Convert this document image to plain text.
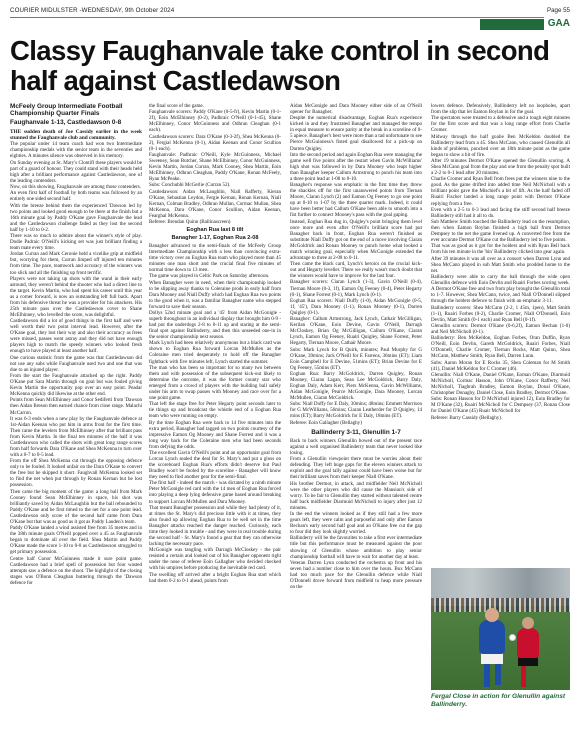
COURIER MIDULSTER -WEDNESDAY, 9th October 2024	Page 55
GAA
Classy Faughanvale take control in second half against Castledawson
McFeely Group Intermediate Football Championship Quarter Finals
Faughanvale 1-13, Castledawson 0-8

THE sudden death of Joe Cassidy earlier in the week stunned the Faughanvale club and community.

The popular under 14 team coach had won two Intermediate championship medals with the senior team in the seventies and eighties. A minutes silence was observed in his memory.

On Sunday evening at St. Mary's Clontifl these players would be part of a guard of honour. They could stand with their heads held high after a brilliant performance against Castledawson, one of the leading contenders.

Now, on this showing, Faughanvale are among those contenders.

An even first half of football by both teams was followed by an entirely one sided second half.

With the breeze behind them the experienced 'Dawson led by two points and looked good enough to be there at the finish but a 16th minute goal by Paddy O'Kane gave Faughanvale the lead and the Castledawson challenge faded as they lost the second half by 1-10 to 0-2.

There was so much to admire about the winner's style of play. Dodie Padraic O'Neill's kicking set was just brilliant finding a team mate every time.

Jordan Curran and Mark Ceronie held a vicelike grip at midfield but, worrying for them, Curran limped off injured ten minutes from time. The pace, teamwork and accuracy of the winners was too slick and all the finishing up front terrific.

Players were not taking up shots with the wand in their early astound, they weren't behind the shooter who had a direct line to the target. Kevin Martin, who had spent his career until this year as a corner forward, is now an outstanding left full back. Apart from his defensive threat he was a provider for his attackers. His 25th minute pass over the Castledawson cover to Shane McElhinney, who levelled the score, was delightful.

Castledawson did a lot of good things in the first half and were well worth their two point interval lead. However, after the O'Kane goal, they lost their way and also their accuracy as frees were missed, passes went astray and they did not have enough players high to match the speedy winners who looked fresh enough to have played at least another half.

One curious statistic from the game was that Castledawson did not use any subs while Faughanvale used two and one that was due to an injured player.

From the start the Faughanvale attacked up the right. Paddy O'Kane put Sara Martin through on goal but was fouled giving Kevin Martin the opportunity pop over an easy point. Peadar McKenna quickly did likewise at the other end.

Points from Sean McElhinney and Conor Sediferti from 'Dawson then Aidan Breson then earned chance from close range. Malachi McCarron.

It was 6-3 ends when a new play by the Faughanvale defence at 1st-Aidan Keenan who put him in arms front for the first time. Then came the levelers from McElhinney after that brilliant pass from Kevin Martin. In the final ten minutes of the half it was Castledawson who called the shots with great long range scores from half forwards Dara O'Kane and Shea McKenna to turn over with a 0-7 to 0-5 lead.

From the off Shea McKenna cut through the opposing defence only to be fouled. It looked unfair on the Dara O'Kane to convert the free but he skipped it short. Faughvall McKenna looked set to find the net when put through by Ronan Kernan but he lost possession.

Then came the big moment of the game: a long ball from Mark Cooney found Sean McElhinney in space, his shot was brilliantly saved by Aidan McLaughlin but the ball rebounded to Paddy O'Kane and he first timed to the net for a one point lead. Castledawson only score of the second half came from Dara O'Kane but that was as good as it got as Paddy Lauden's team.

Paddy O'Kane landed a wind assisted free from 35 metres and in the 38th minute goals O'Neill popped over a 45 as Faughanvale began to dominate all over the field. Shea Martin and Paddy O'Kane made the score 1-10 to 0-8 as Castledawson struggled to get primary possession.

Centre half Conor McGuinness made it sure point game. Castledawson had a brief spell of possession but four wasted attempts saw a defence on the shoot. The highlight of the closing stages was O'Bonn Cleaghan buttering through the 'Dawson defence for

the final score of the game.

Faughanvale scorers: Paddy O'Kane (0-5-fr), Kevin Martin (0-1-2f), Eoin McElhinney (0-2), Padhraic O'Neill (0-1-45), Shane McElhinney, Conor McGuinness and Odhran Cleaghan (0-1 each).

Castledawson scorers: Dara O'Kane (0-3-2f), Shea McKenna (0-2), Fergial McKenna (0-1), Aidan Keenan and Conor Scullion (0-1 each).

Faughanvale: Padhraic O'Neill, Kyle McGuinness, Michael Sweeney, Sean Butcher, Shane McElhinney, Conor McGuinness, Kevin Martin, Jordan Curran, Mark Cooney, Shea Martin, Eoin McElhinney, Odhran Cleaghan, Paddy O'Kane, Ronan McFeely, Ryan McPeake.

Subs: Conchubhi McGerlie (Curran 52).

Castledawson: Aidan McLaughlin, Niall Rafferty, Kieran O'Kane, Sebastian Leydon, Fergie Kernan, Ronan Kernan, Niall Kernan, Colman Bradley, Odhran Mullan, Cormac Mullan, Shea McKenna, Dara O'Kane, Conor Scullion, Aidan Keenan, Fearghal McKenna.

Referee: Brendan Quinn (Ballinascreen)

Eoghan Rua last 8 tilt
Banagher 1-17, Eoghan Rua 2-08

Banagher advanced to the semi-finals of the McFeely Group Intermediate Championship with a less than convincing extra-time victory over an Eoghan Rua team who played more than 45 minutes one man short and the crucial final five minutes of normal time down to 13 men.

The game was played in Celtic Park on Saturday afternoon.

When Banagher were in need, when their championship looked to be slipping away thanks to Coleraine prods in early half from Dara Mooney and Niall Duffy which had Eoghan Rua two points to the good when it, was a familiar Banagher name who stepped forward to save their season.

Dollys 52nd minute goal and a '45' from Aidan McGonigle - superb throughout in an individual display that brought him 0-9 - had put the underdogs 2-8 to 0-11 up and staring at the semi-final spot against Ballinderry, and then this unseeded one-in in the senior championship next season.

Mark Lynch had been relatively anonymous but a black card was shown to Eoghan Rua forward Lorcan McMullen as the Coleraine men tried desperately to hold off the Banagher fightback with five minutes left, Lynch started the summer.

The man who has been so important for so many two between them and with possession of the subsequent kick-out likely to determine the outcome, it was the former county star who emerged from a crowd of players with the building ball safely under his arm to swap passes with Mooney and race over for a one point game.

That left the stage free for Peter Hegarty point seconds later to tie things up and broadcast the whistle end of a Eoghan Rua team who were running on empty.

By the time Eoghan Rua were back to 14 five minutes into the extra period, Banagher had tagged on two points courtesy of the impressive Eamon Og Mooney and Shane Forrest and it was a long way back for the Coleraine men who had been seconds from defying the odds.

The excellent Gavin O'Neill's point and an opportunist goal from Lorcan Lynch sealed the deal for St. Mary's and put a gloss on the scoreboard Eoghan Rua's efforts didn't deserve but Paul Bradley won't be fooled by the scoreline - Banagher will know they need to find another gear for the semi-final.

The first half - indeed the match - was dictated by a ninth minute Peter McGonigle red card with the 14 men of Eoghan Rua forced into playing a deep lying defensive game based around breaking to support Lorcan McMullen and Dara Mooney.

That meant Banagher possession and while they had plenty of it, at times the St. Mary's did precious little with it at times, they also found up allowing Eoghan Rua to be well set in the time Banagher attacks reached the danger reached. Curiously, each time they looked in trouble - and they were in real trouble during the second half - St. Mary's found a gear that they can otherwise lacking the necessary pace.

McGonigle was tangling with Darragh McCloskey - the pair resisted a certain and looked out of his Banagher opponent right under the nose of referee Eoin Gallagher who decided checked with his umpires before producing the inevitable red card.

The swelling off arrived after a bright Eoghan Rua start which had them 0-2 to 0-1 ahead, points from

Aidan McGonigle and Dara Mooney either side of an O'Neill opener for Banagher.

Despite the numerical disadvantage, Eoghan Rua's experience kicked in and they frustrated Banagher and managed the tempo in equal measure to ensure parity at the break in a scoreline of 0-5 apiece. Banagher's best were more than a tad unfortunate to see Pierce McGuinness's fisted goal disallowed for a pick-up on Darren Quigley.

Into the second period and again Eoghan Rua were managing the game well five points after the restart when Gavin McWilliams' high shot was followed in by Dara Mooney who leapt higher than Banagher keeper Callum Armstrong to punch his team into a three point lead at 1-08 to 0-10.

Banagher's response was emphatic in the first time they threw the shackles off for the first unanswered points from Tiernan Moore, Ciaran Lynch (2) and Eamon Og Feeney to go one point up at 0-10 to 1-07 by the three quarter mark. Indeed, it could have been better had Callum O'Kane been able to smooth into a fist further to connect Mooney's pass with the goal gaping.

Instead, Eoghan Rua dug in, Quigley's point bringing them level once more and even after O'Neill's brilliant score had put Banagher back in front, Eoghan Rua weren't finished as substitute Niall Duffy got on the end of a move involving Ciaran McGoldrick and Ronan Mooney to punch home what looked a match winning goal, especially when McGonigle extended the advantage to three at 2-08 to 0-11.

Then came the black card, Lynch's heroics on the crucial kick-out and Hegarty leveller. There we really wasn't much doubt that the winners would have to improve for the last four.

Banagher scorers: Ciaran Lynch (1-3), Gavin O'Neill (0-4), Tiernan Moore (0-3, 1f), Eamon Og Feeney (0-4), Peter Hegarty (0-1), Shane Forrest (0-1), Mark Lynch (0-1).

Eoghan Rua scorers: Niall Duffy (1-0), Aidan McGonigle (0-5, 1f, '45'), Dara Mooney (1-1), Ronan Mooney (0-1), Darren Quigley (0-1).

Banagher: Callum Armstrong, Jack Lynch, Cathair McGilligan, Kerilan O'Kane, Eoin Devine, Gavin O'Neill, Darragh McCloskey, Brian Og McGilligan, Callum O'Kane, Ciaran Lynch, Eamon Og Feeney, Ruairi Quigley, Shane Forrest, Peter Hegarty, Tiernan Moore, Cathair Moore.

Subs: Mark Lynch for B Quirk, minutes; Paul Murphy for G O'Kane, 39mins; Jack O'Neill for E Farrens, 36mins (ET); Liam Eoin Campbell for E Devine, 51mins (ET); Brian Devine for E Og Feeney, 55mins (ET).

Eoghan Rua: Barry McGoldrick, Darren Quigley, Ronan Mooney, Ciaran Lagan, Sean Lee McGoldrick, Barry Daly, Eoghan Daly, Adam Kerr, Piers McKenna, Gavin McWilliams, Aidan McGonigle, Pearce McGonigle, Dara Mooney, Lorcan McMullen, Ciaran McGoldrick.

Subs: Niall Duffy for E Daly, 30mins; 48mins; Emmett Morrison for G McWilliams, 56mins; Ciaran Leatherder for D Quigley, 14 mins (ET); Barry McGoldrick for E Daly, 18mins (ET).

Referee: Eoin Gallagher (Bellaghy)

Ballinderry 3-11, Glenullin 1-7

Back to back winners Glenullin bowed out of the present race against a well organised Ballinderry team that never looked like losing.

From a Glenullin viewpoint there must be worries about their defending. They left huge gaps for the eleven winners attack to exploit and the goal tally against could have been worse but for their brilliant saves from their keeper Niall O'Kane.

His brother Dermot, in attack, and midfielder Neil McNicholl were the other players who did cause the Mansion's side of worry. To be fair to Glenullin they started without talented centre half back midfielder Diarmuid McNicholl to injury after just 12 minutes.

In the end the winners looked as if they still had a few more gears left, they were calm and purposeful and only after Eamon Bechan's early second half goal and an O'Kane free cut the gap to four did they look slightly worried.

Ballinderry will be the favourites to take a first ever intermediate title but this performance must be measured against the poor showing of Glenullin whose ambition to play senior championship football will have to wait for another day at least.

Veteran Darren Lynn conducted the orchestra up front and his seven had a number close to him over the hours. Box McCann had too much pace for the Glenullin defence while Niall O'Donnell drove forward from midfield to heap more pressure on the

lowers defence. Defensively, Ballinderry left no loopholes, apart from the slip that let Eamon Boylan in for the goal.

The spectators were treated to a defensive and a tough eight minutes for the first score and that was a long range effort from Charlie Cromer.

Midway through the half goalie Ben McKeldon doubled the Ballinderry lead from a 45. Shea McCann, who caused Glenullin all kinds of problems, punched over an 18th minute point as the game began to show a bit of fire.

After 19 minutes Dermot O'Kane opened the Glenullin scoring. A Shea McCann goal from the play and one from the penalty spot built a 2-2 to 0-1 lead after 20 minutes.

Charlie Cromer and Ryan Bell from frees put the winners nine to the good. As the game drifted into added time Neil McNicholl with a brilliant point gave the Mischief's a bit of lift. As the half faded off Ruairi Fischer landed a long range point with Dermot O'Kane replying from a free.

Even with a 2-5 to 0-3 lead and facing the stiff second half breeze Ballinderry still had it all to do.

Sub Matthew Smith touched the Ballinderry lead on the resumption, then when Eamon Boylan finished a high ball from Dermot Dempsey to the net the game livened up. A converted free from the ever accurate Dermot O'Kane cut the Ballinderry led to five points.

That was as good as it got for the holders and with Ryan Bell back from his ten minute in the 'bin' Ballinderry clicked into gear again.

After 39 minutes it was all over as a consort when Darren Lynn and Shea McCann played in sub Matt Smith who prodded home to the net.

Ballinderry were able to carry the ball through the wide open Glenullin defence with Eoin Devlin and Ruairi Forbes scoring week.

A Dermot O'Kane free and two from play brought the Glenullin total to 1-7. However, Shea McCann, twice, and Niall O'Donnell slipped through the holders defence to finish with an emphatic 3-11.

Ballinderry scorers: Shea McCann (2-2, 1 45m, 1pen), Matt Smith (1-1), Ruairi Forbes (0-2), Charlie Cromer, Niall O'Donnell, Eoin Devlin, Matt Smith (0-1 each) and Ryan Bell (0-1f).

Glenullin scorers: Dermot O'Kane (0-6,2f), Eamon Bechan (1-0) and Neil McNicholl (0-1).

Ballinderry: Ben McKeldon, Eoghan Forbes, Oran Duffin, Ryan O'Neill, Eoin Devlin, Gareth McGoldrick, Ruairi Forbes, Niall O'Donnell, Charlie Cromer, Tiernan Rocks, Matt Quinn, Shea McCann, Matthew Smith, Ryan Bell, Darren Lunn.

Subs: Aaron Moran for E Rocks 35, Shea Coleman for M Smith (41), Daniel McKeldon for C Cromer (46).

Glenullin: Niall O'Kane, Daniel O'Kane, Eoman O'Kane, Diarmuid McNicholl, Cormac Hasson, John O'Kane, Conor Rafferty, Neil McNicholl, Tiaghrah Bradley, Eamon Boylan, Donal O'Kane, Christopher Donaghy, Daniel Close, Eoin Bradley, Dermot O'Kane.

Subs: Ronan Hasson for D McNicholl injured 12), Eoin Bradley for M O'Kane (32), Ruairi McNicholl for C Dempsey (37, Ronan Close for Daniel O'Kane (45) Ruair McNicholl for

Referee: Barry Cassidy (Bellaghy).

Fergal Close in action for Glenullin against Ballinderry.
